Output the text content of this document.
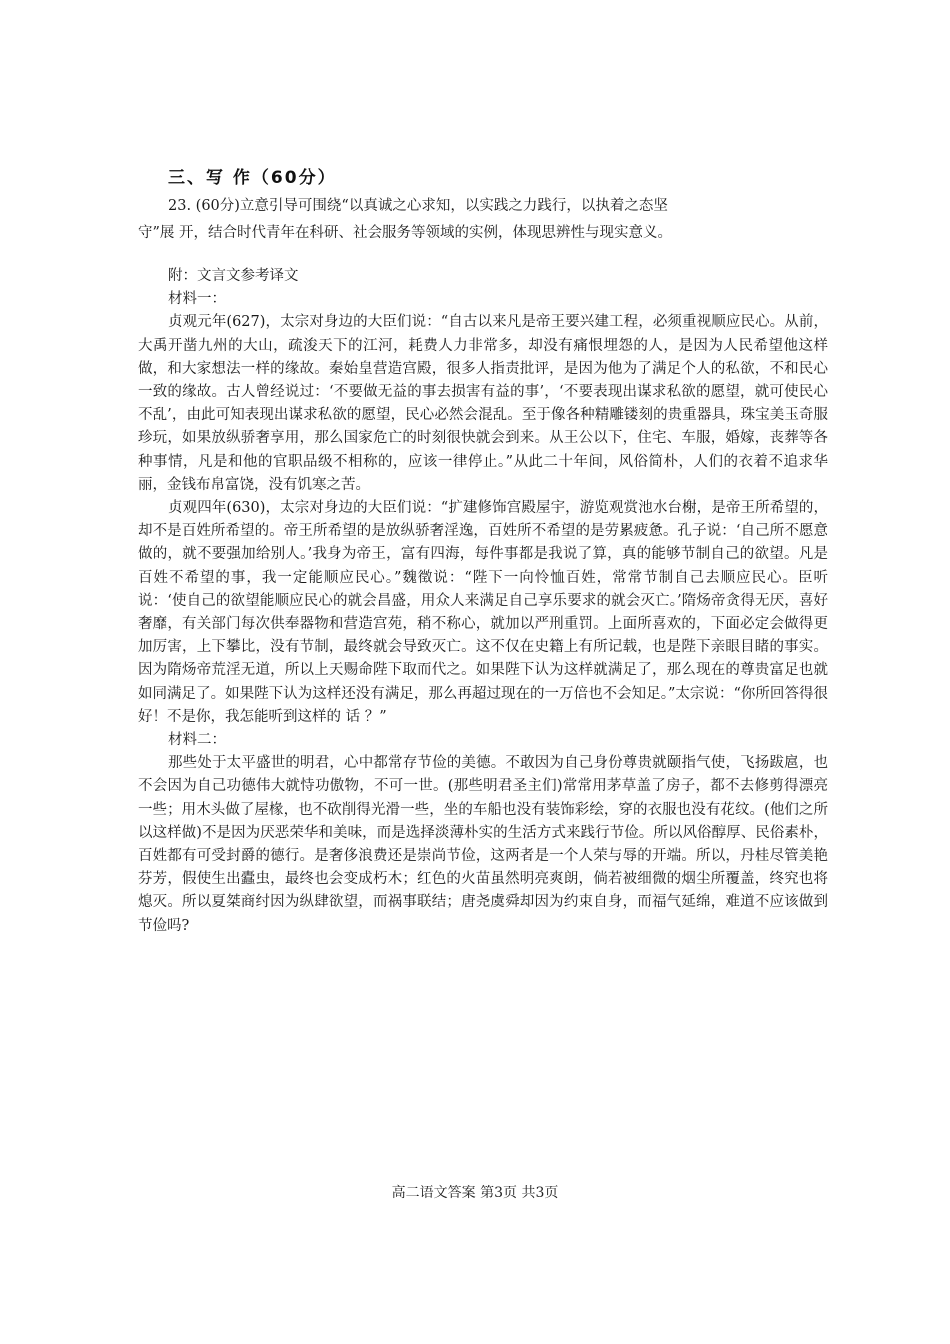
三、写 作（60分）

23. (60分)立意引导可围绕“以真诚之心求知，以实践之力践行，以执着之态坚

守”展 开，结合时代青年在科研、社会服务等领域的实例，体现思辨性与现实意义。

附：文言文参考译文

材料一：

贞观元年(627)，太宗对身边的大臣们说：“自古以来凡是帝王要兴建工程，必须重视顺应民心。从前，大禹开凿九州的大山，疏浚天下的江河，耗费人力非常多，却没有痛恨埋怨的人，是因为人民希望他这样做，和大家想法一样的缘故。秦始皇营造宫殿，很多人指责批评，是因为他为了满足个人的私欲，不和民心一致的缘故。古人曾经说过：‘不要做无益的事去损害有益的事’，‘不要表现出谋求私欲的愿望，就可使民心不乱’，由此可知表现出谋求私欲的愿望，民心必然会混乱。至于像各种精雕镂刻的贵重器具，珠宝美玉奇服珍玩，如果放纵骄奢享用，那么国家危亡的时刻很快就会到来。从王公以下，住宅、车服，婚嫁，丧葬等各种事情，凡是和他的官职品级不相称的，应该一律停止。”从此二十年间，风俗简朴，人们的衣着不追求华丽，金钱布帛富饶，没有饥寒之苦。

贞观四年(630)，太宗对身边的大臣们说：“扩建修饰宫殿屋宇，游览观赏池水台榭，是帝王所希望的，却不是百姓所希望的。帝王所希望的是放纵骄奢淫逸，百姓所不希望的是劳累疲惫。孔子说：‘自己所不愿意做的，就不要强加给别人。’我身为帝王，富有四海，每件事都是我说了算，真的能够节制自己的欲望。凡是百姓不希望的事，我一定能顺应民心。”魏徵说：“陛下一向怜恤百姓，常常节制自己去顺应民心。臣听说：‘使自己的欲望能顺应民心的就会昌盛，用众人来满足自己享乐要求的就会灭亡。’隋炀帝贪得无厌，喜好奢靡，有关部门每次供奉器物和营造宫苑，稍不称心，就加以严刑重罚。上面所喜欢的，下面必定会做得更加厉害，上下攀比，没有节制，最终就会导致灭亡。这不仅在史籍上有所记载，也是陛下亲眼目睹的事实。因为隋炀帝荒淫无道，所以上天赐命陛下取而代之。如果陛下认为这样就满足了，那么现在的尊贵富足也就如同满足了。如果陛下认为这样还没有满足，那么再超过现在的一万倍也不会知足。”太宗说：“你所回答得很好！不是你，我怎能听到这样的 话 ？”

材料二：

那些处于太平盛世的明君，心中都常存节俭的美德。不敢因为自己身份尊贵就颐指气使，飞扬跋扈，也不会因为自己功德伟大就恃功傲物，不可一世。(那些明君圣主们)常常用茅草盖了房子，都不去修剪得漂亮一些；用木头做了屋椽，也不砍削得光滑一些，坐的车船也没有装饰彩绘，穿的衣服也没有花纹。(他们之所以这样做)不是因为厌恶荣华和美味，而是选择淡薄朴实的生活方式来践行节俭。所以风俗醇厚、民俗素朴，百姓都有可受封爵的德行。是奢侈浪费还是崇尚节俭，这两者是一个人荣与辱的开端。所以，丹桂尽管美艳芬芳，假使生出蠹虫，最终也会变成朽木；红色的火苗虽然明亮爽朗，倘若被细微的烟尘所覆盖，终究也将熄灭。所以夏桀商纣因为纵肆欲望，而祸事联结；唐尧虞舜却因为约束自身，而福气延绵，难道不应该做到节俭吗?

高二语文答案 第3页 共3页
